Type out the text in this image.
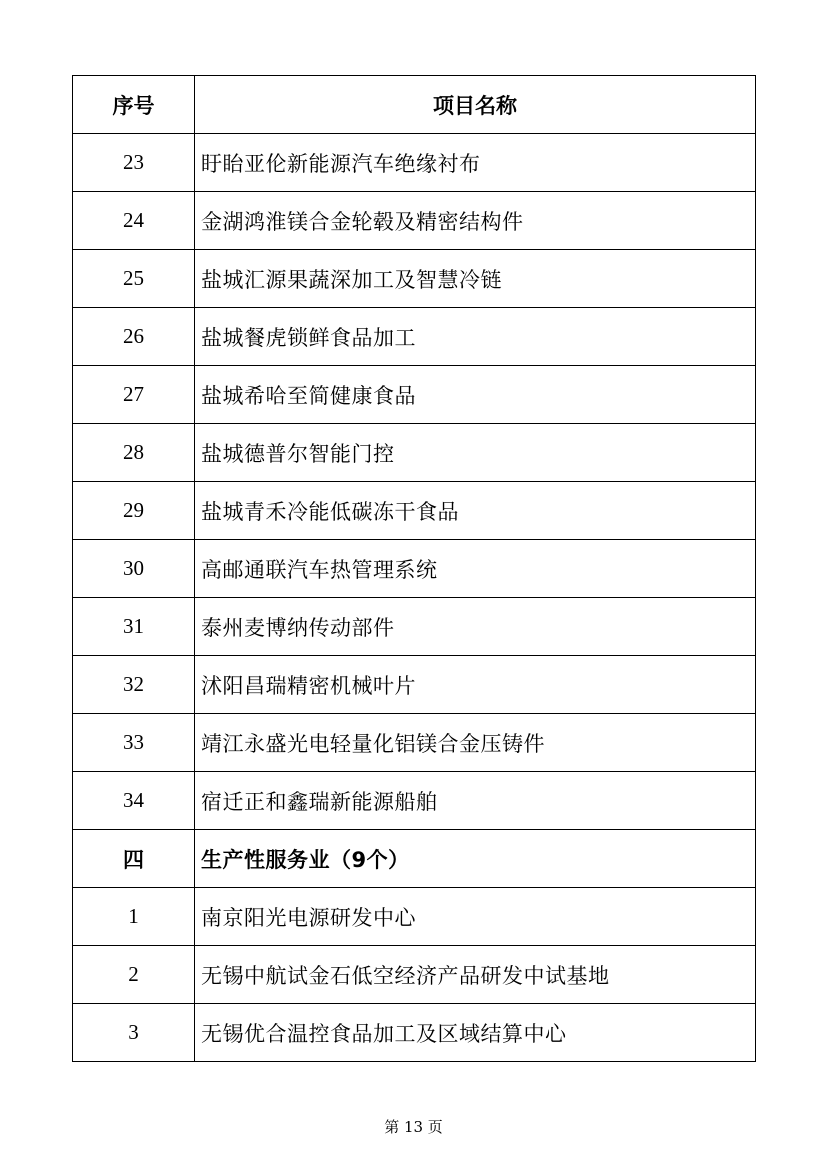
序号	项目名称
23	盱眙亚伦新能源汽车绝缘衬布
24	金湖鸿淮镁合金轮毂及精密结构件
25	盐城汇源果蔬深加工及智慧冷链
26	盐城餐虎锁鲜食品加工
27	盐城希哈至简健康食品
28	盐城德普尔智能门控
29	盐城青禾冷能低碳冻干食品
30	高邮通联汽车热管理系统
31	泰州麦博纳传动部件
32	沭阳昌瑞精密机械叶片
33	靖江永盛光电轻量化铝镁合金压铸件
34	宿迁正和鑫瑞新能源船舶
四	生产性服务业（9个）
1	南京阳光电源研发中心
2	无锡中航试金石低空经济产品研发中试基地
3	无锡优合温控食品加工及区域结算中心
第 13 页
